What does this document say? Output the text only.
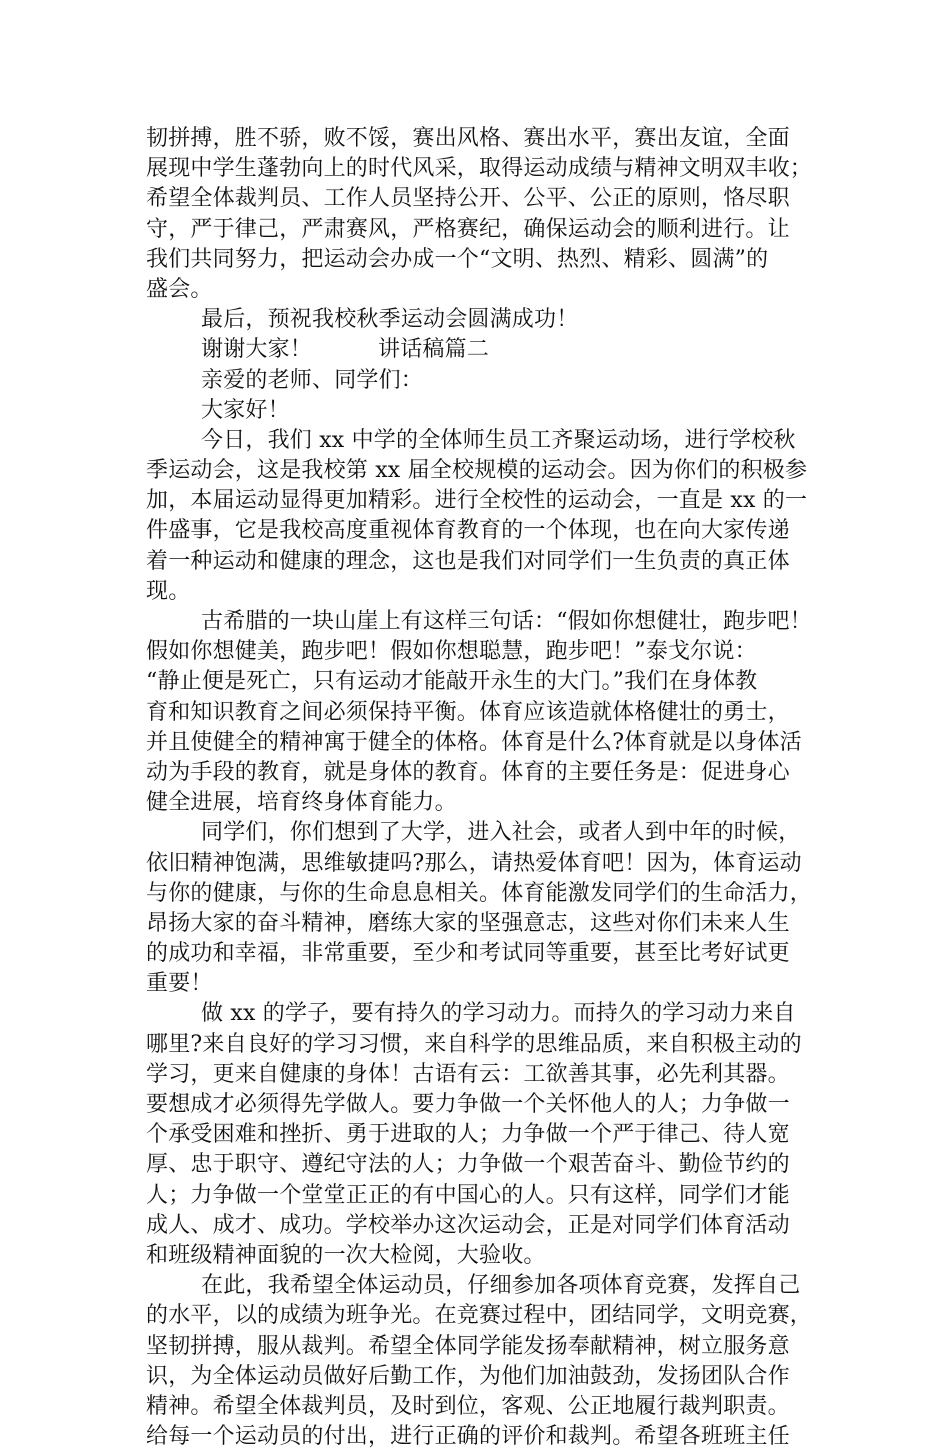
韧拼搏，胜不骄，败不馁，赛出风格、赛出水平，赛出友谊，全面
展现中学生蓬勃向上的时代风采，取得运动成绩与精神文明双丰收；
希望全体裁判员、工作人员坚持公开、公平、公正的原则，恪尽职
守，严于律己，严肃赛风，严格赛纪，确保运动会的顺利进行。让
我们共同努力，把运动会办成一个“文明、热烈、精彩、圆满”的
盛会。
最后，预祝我校秋季运动会圆满成功！
谢谢大家！	讲话稿篇二
亲爱的老师、同学们：
大家好！
今日，我们 xx 中学的全体师生员工齐聚运动场，进行学校秋
季运动会，这是我校第 xx 届全校规模的运动会。因为你们的积极参
加，本届运动显得更加精彩。进行全校性的运动会，一直是 xx 的一
件盛事，它是我校高度重视体育教育的一个体现，也在向大家传递
着一种运动和健康的理念，这也是我们对同学们一生负责的真正体
现。
古希腊的一块山崖上有这样三句话：“假如你想健壮，跑步吧！
假如你想健美，跑步吧！假如你想聪慧，跑步吧！”泰戈尔说：
“静止便是死亡，只有运动才能敲开永生的大门。”我们在身体教
育和知识教育之间必须保持平衡。体育应该造就体格健壮的勇士，
并且使健全的精神寓于健全的体格。体育是什么?体育就是以身体活
动为手段的教育，就是身体的教育。体育的主要任务是：促进身心
健全进展，培育终身体育能力。
同学们，你们想到了大学，进入社会，或者人到中年的时候，
依旧精神饱满，思维敏捷吗?那么，请热爱体育吧！因为，体育运动
与你的健康，与你的生命息息相关。体育能激发同学们的生命活力，
昂扬大家的奋斗精神，磨练大家的坚强意志，这些对你们未来人生
的成功和幸福，非常重要，至少和考试同等重要，甚至比考好试更
重要！
做 xx 的学子，要有持久的学习动力。而持久的学习动力来自
哪里?来自良好的学习习惯，来自科学的思维品质，来自积极主动的
学习，更来自健康的身体！古语有云：工欲善其事，必先利其器。
要想成才必须得先学做人。要力争做一个关怀他人的人；力争做一
个承受困难和挫折、勇于进取的人；力争做一个严于律己、待人宽
厚、忠于职守、遵纪守法的人；力争做一个艰苦奋斗、勤俭节约的
人；力争做一个堂堂正正的有中国心的人。只有这样，同学们才能
成人、成才、成功。学校举办这次运动会，正是对同学们体育活动
和班级精神面貌的一次大检阅，大验收。
在此，我希望全体运动员，仔细参加各项体育竞赛，发挥自己
的水平，以的成绩为班争光。在竞赛过程中，团结同学，文明竞赛，
坚韧拼搏，服从裁判。希望全体同学能发扬奉献精神，树立服务意
识，为全体运动员做好后勤工作，为他们加油鼓劲，发扬团队合作
精神。希望全体裁判员，及时到位，客观、公正地履行裁判职责。
给每一个运动员的付出，进行正确的评价和裁判。希望各班班主任
